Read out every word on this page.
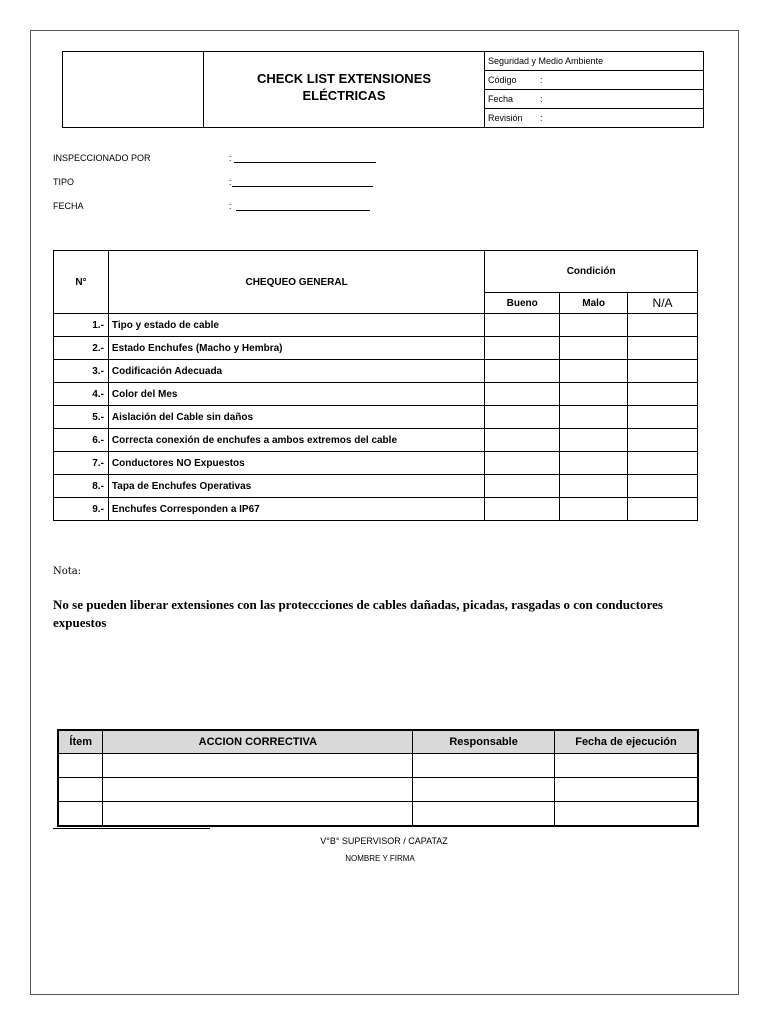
CHECK LIST EXTENSIONES
ELÉCTRICAS
Seguridad y Medio Ambiente
Código	:
Fecha	:
Revisión	:
INSPECCIONADO POR	:
TIPO	:
FECHA	:
N°	CHEQUEO GENERAL	Condición		
		Bueno	Malo	N/A
1.-	Tipo y estado de cable			
2.-	Estado Enchufes (Macho y Hembra)			
3.-	Codificación Adecuada			
4.-	Color del Mes			
5.-	Aislación del Cable sin daños			
6.-	Correcta conexión de enchufes a ambos extremos del cable			
7.-	Conductores NO Expuestos			
8.-	Tapa de Enchufes Operativas			
9.-	Enchufes Corresponden a IP67			
Nota:
No se pueden liberar extensiones con las proteccciones de cables dañadas, picadas, rasgadas o con conductores expuestos
Ítem	ACCION CORRECTIVA	Responsable	Fecha de ejecución

V°B° SUPERVISOR / CAPATAZ
NOMBRE Y FIRMA
